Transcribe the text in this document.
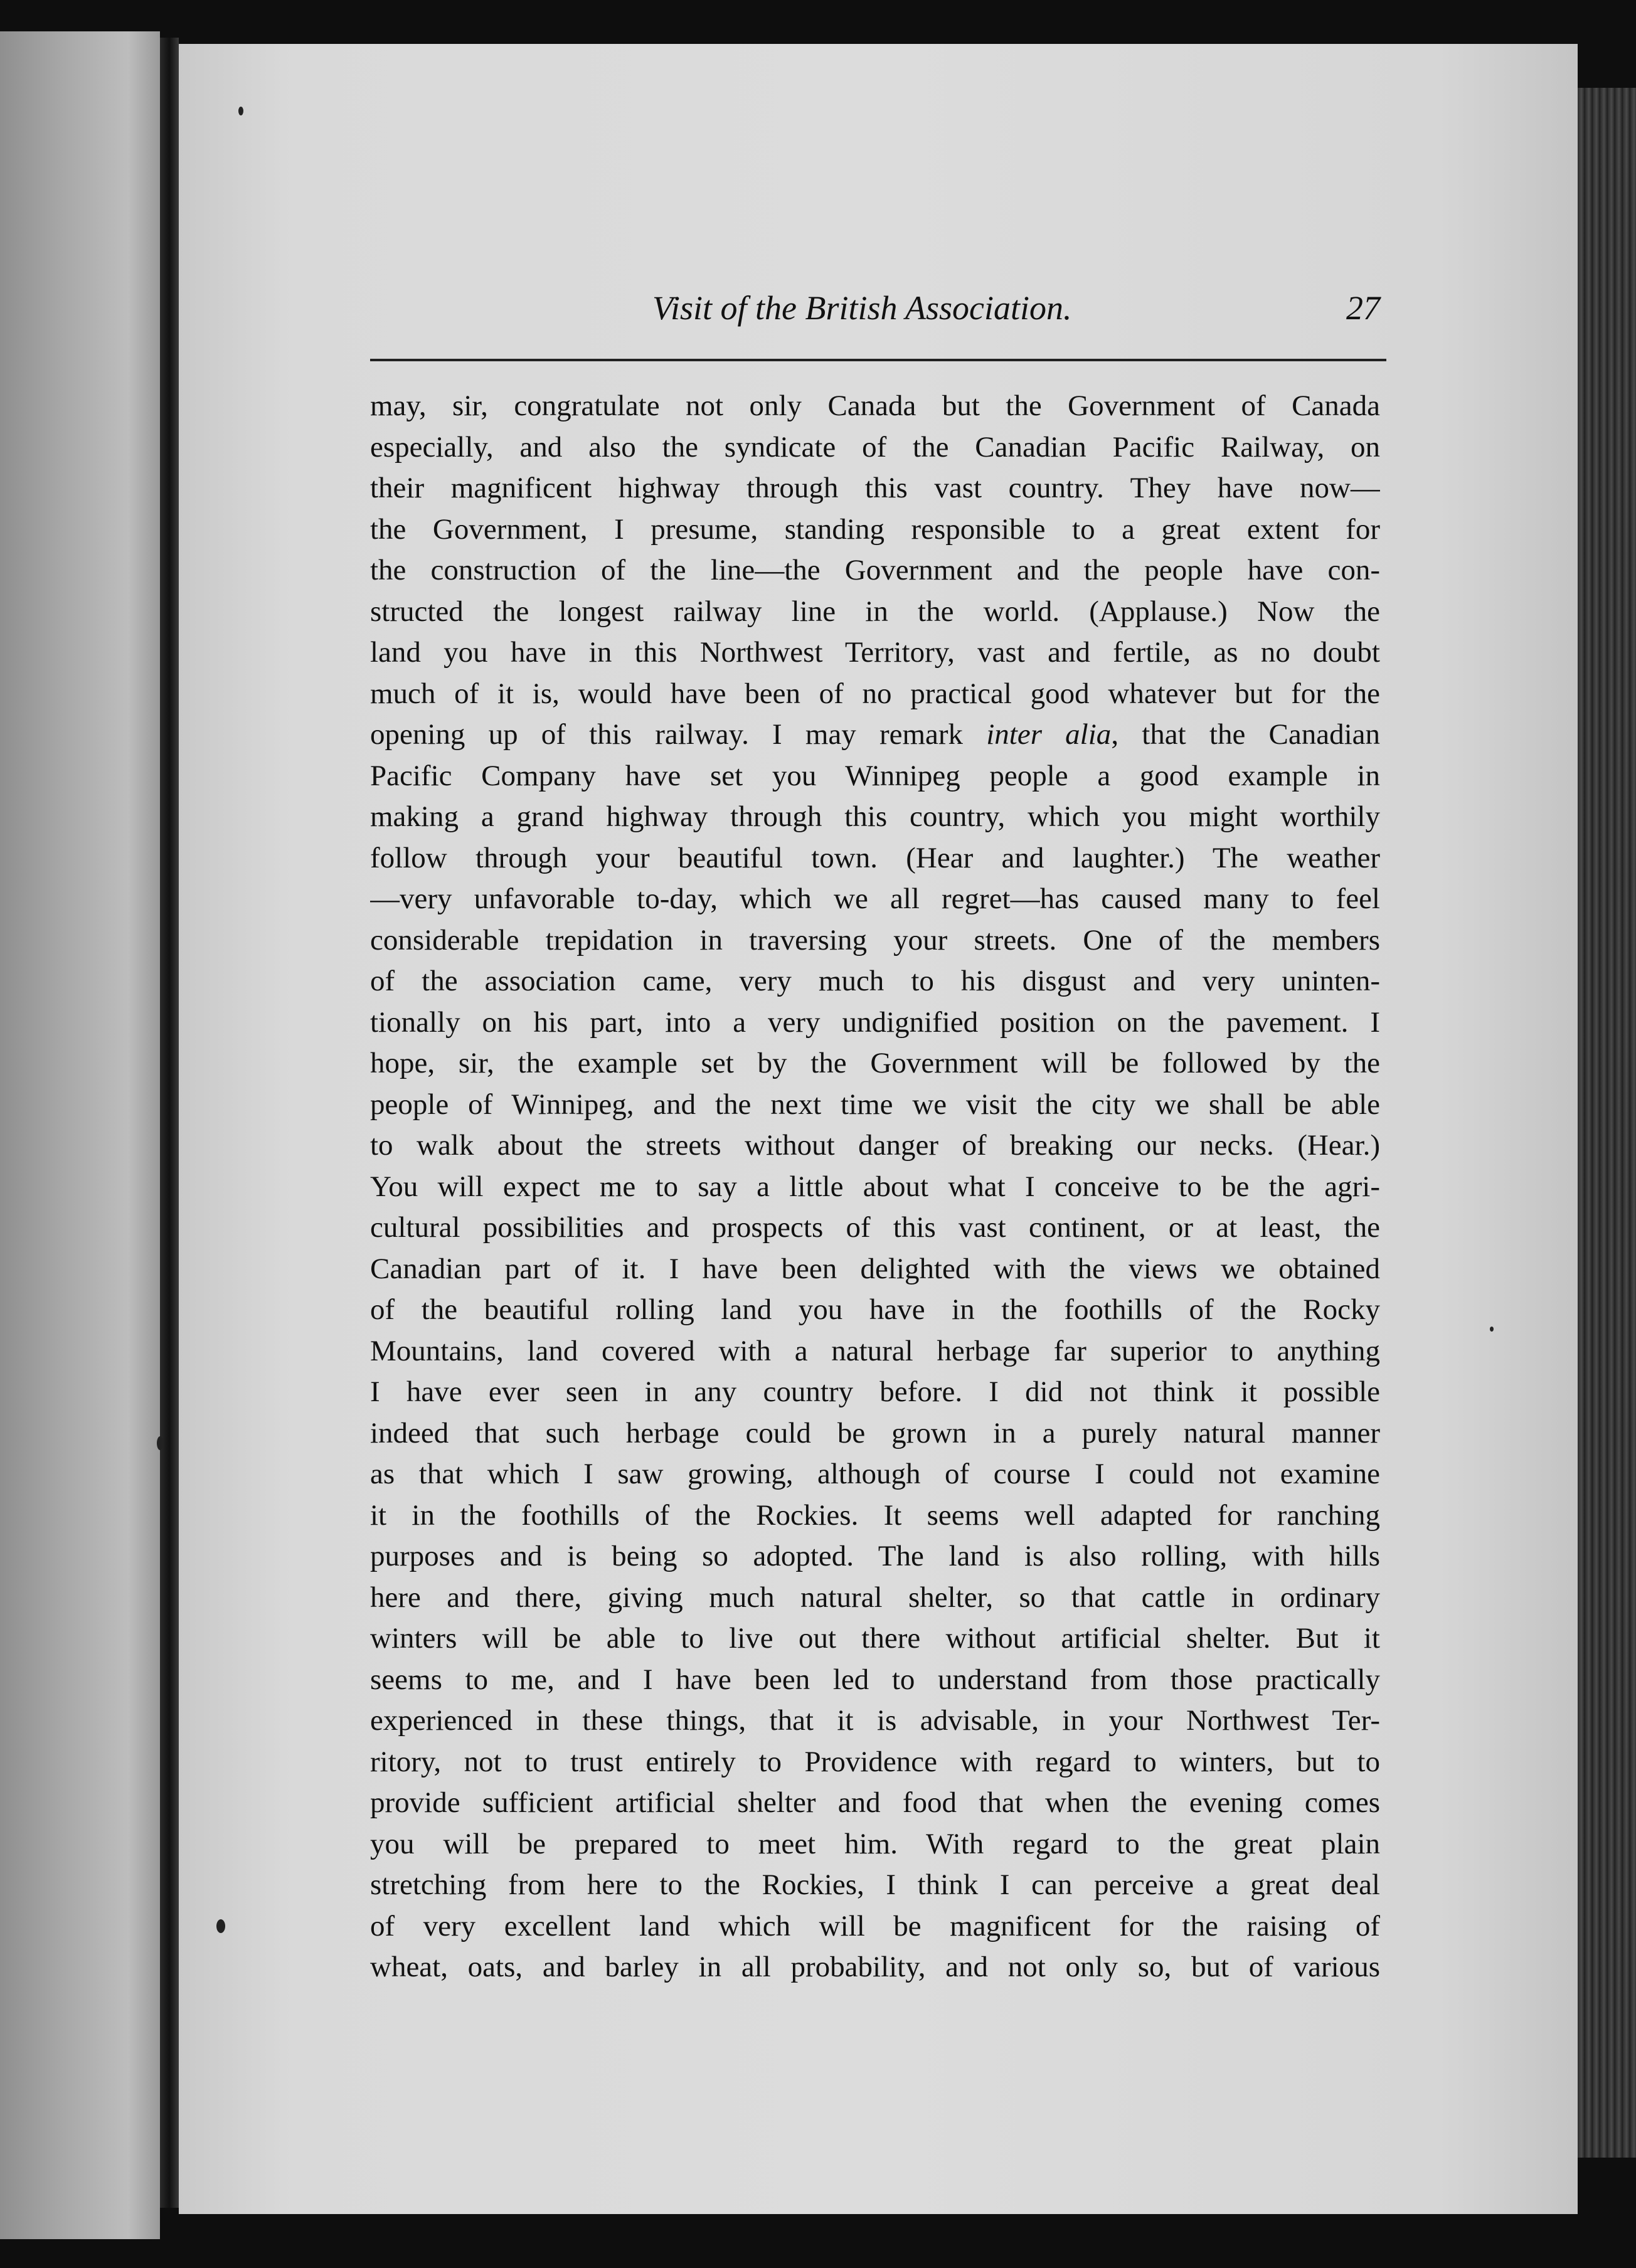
Visit of the British Association.	27
may, sir, congratulate not only Canada but the Government of Canada
especially, and also the syndicate of the Canadian Pacific Railway, on
their magnificent highway through this vast country. They have now—
the Government, I presume, standing responsible to a great extent for
the construction of the line—the Government and the people have con-
structed the longest railway line in the world. (Applause.) Now the
land you have in this Northwest Territory, vast and fertile, as no doubt
much of it is, would have been of no practical good whatever but for the
opening up of this railway. I may remark inter alia, that the Canadian
Pacific Company have set you Winnipeg people a good example in
making a grand highway through this country, which you might worthily
follow through your beautiful town. (Hear and laughter.) The weather
—very unfavorable to-day, which we all regret—has caused many to feel
considerable trepidation in traversing your streets. One of the members
of the association came, very much to his disgust and very uninten-
tionally on his part, into a very undignified position on the pavement. I
hope, sir, the example set by the Government will be followed by the
people of Winnipeg, and the next time we visit the city we shall be able
to walk about the streets without danger of breaking our necks. (Hear.)
You will expect me to say a little about what I conceive to be the agri-
cultural possibilities and prospects of this vast continent, or at least, the
Canadian part of it. I have been delighted with the views we obtained
of the beautiful rolling land you have in the foothills of the Rocky
Mountains, land covered with a natural herbage far superior to anything
I have ever seen in any country before. I did not think it possible
indeed that such herbage could be grown in a purely natural manner
as that which I saw growing, although of course I could not examine
it in the foothills of the Rockies. It seems well adapted for ranching
purposes and is being so adopted. The land is also rolling, with hills
here and there, giving much natural shelter, so that cattle in ordinary
winters will be able to live out there without artificial shelter. But it
seems to me, and I have been led to understand from those practically
experienced in these things, that it is advisable, in your Northwest Ter-
ritory, not to trust entirely to Providence with regard to winters, but to
provide sufficient artificial shelter and food that when the evening comes
you will be prepared to meet him. With regard to the great plain
stretching from here to the Rockies, I think I can perceive a great deal
of very excellent land which will be magnificent for the raising of
wheat, oats, and barley in all probability, and not only so, but of various
